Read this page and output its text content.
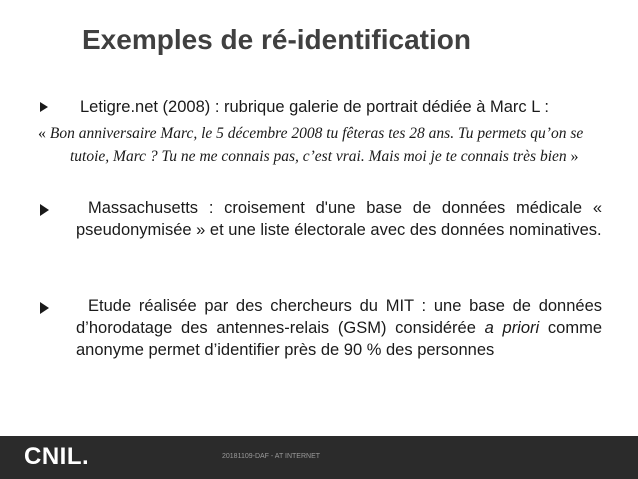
Exemples de ré-identification
Letigre.net (2008) : rubrique galerie de portrait dédiée à Marc L :
« Bon anniversaire Marc, le 5 décembre 2008 tu fêteras tes 28 ans. Tu permets qu’on se
tutoie, Marc ? Tu ne me connais pas, c’est vrai. Mais moi je te connais très bien »
Massachusetts : croisement d'une base de données médicale « pseudonymisée » et une liste électorale avec des données nominatives.
Etude réalisée par des chercheurs du MIT : une base de données d’horodatage des antennes-relais (GSM) considérée a priori comme anonyme permet d’identifier près de 90 % des personnes
CNIL.	20181109-DAF - AT INTERNET
